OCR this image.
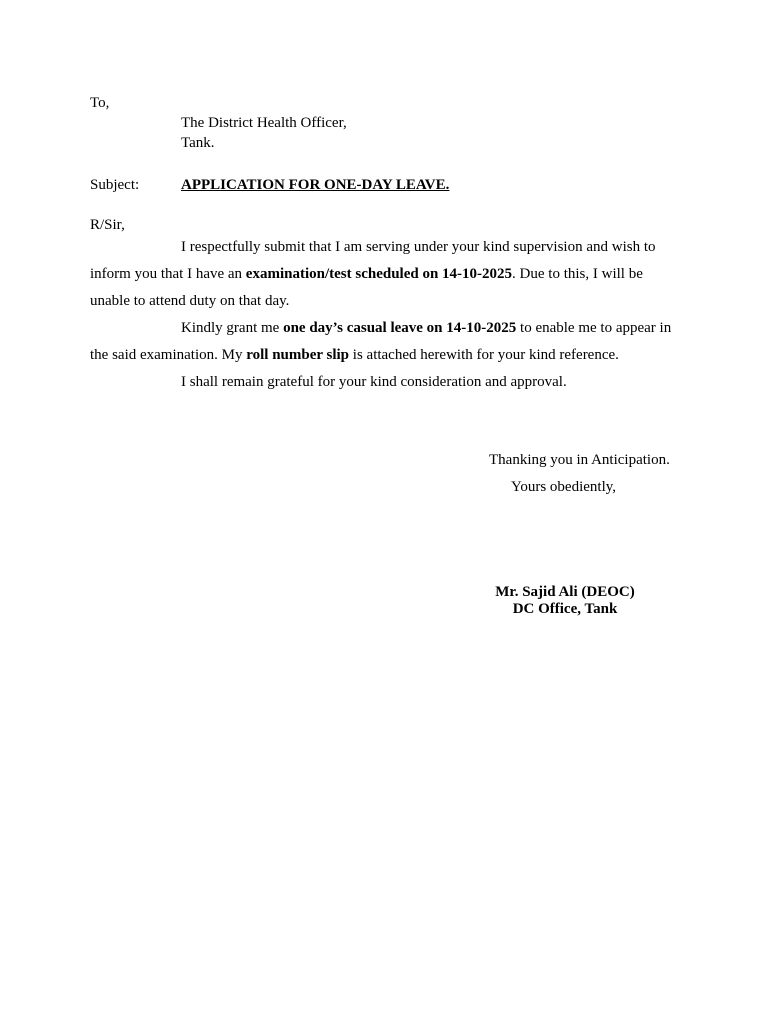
To,
The District Health Officer,
Tank.
Subject:	APPLICATION FOR ONE-DAY LEAVE.
R/Sir,

I respectfully submit that I am serving under your kind supervision and wish to inform you that I have an examination/test scheduled on 14-10-2025. Due to this, I will be unable to attend duty on that day.

Kindly grant me one day’s casual leave on 14-10-2025 to enable me to appear in the said examination. My roll number slip is attached herewith for your kind reference.

I shall remain grateful for your kind consideration and approval.

Thanking you in Anticipation.
Yours obediently,
Mr. Sajid Ali (DEOC)
DC Office, Tank
